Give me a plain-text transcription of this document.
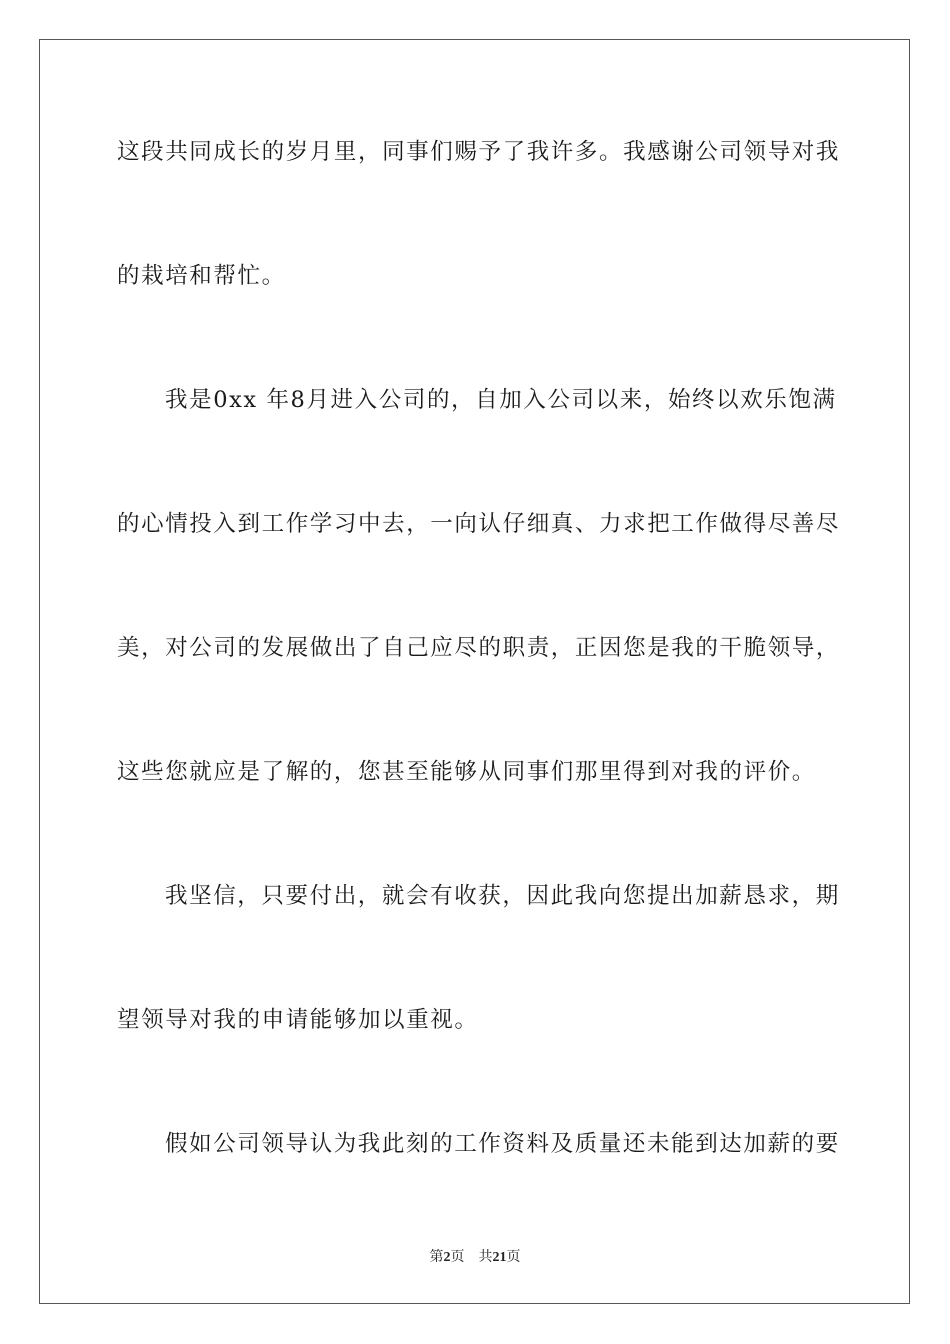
这段共同成长的岁月里，同事们赐予了我许多。我感谢公司领导对我

的栽培和帮忙。

我是0xx 年8月进入公司的，自加入公司以来，始终以欢乐饱满

的心情投入到工作学习中去，一向认仔细真、力求把工作做得尽善尽

美，对公司的发展做出了自己应尽的职责，正因您是我的干脆领导，

这些您就应是了解的，您甚至能够从同事们那里得到对我的评价。

我坚信，只要付出，就会有收获，因此我向您提出加薪恳求，期

望领导对我的申请能够加以重视。

假如公司领导认为我此刻的工作资料及质量还未能到达加薪的要

第2页 共21页
